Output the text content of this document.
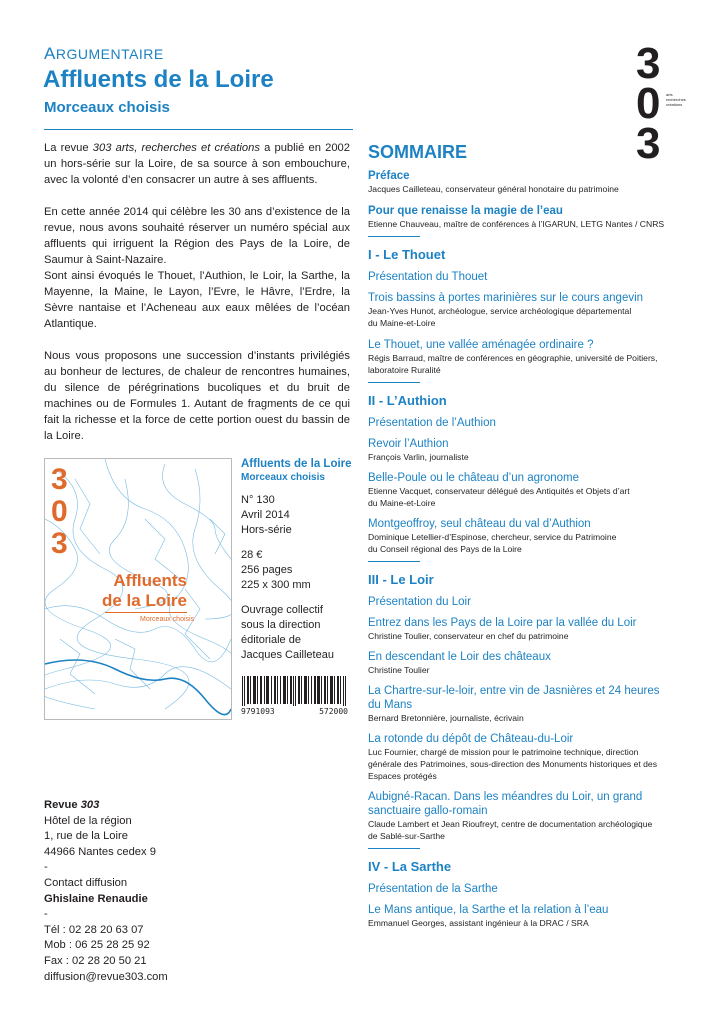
ARGUMENTAIRE
Affluents de la Loire
Morceaux choisis
3
0
3
arts
recherches
créations

La revue 303 arts, recherches et créations a publié en 2002 un hors-série sur la Loire, de sa source à son embouchure, avec la volonté d’en consacrer un autre à ses affluents.

En cette année 2014 qui célèbre les 30 ans d’existence de la revue, nous avons souhaité réserver un numéro spécial aux affluents qui irriguent la Région des Pays de la Loire, de Saumur à Saint-Nazaire.

Sont ainsi évoqués le Thouet, l’Authion, le Loir, la Sarthe, la Mayenne, la Maine, le Layon, l’Evre, le Hâvre, l’Erdre, la Sèvre nantaise et l’Acheneau aux eaux mêlées de l’océan Atlantique.

Nous vous proposons une succession d’instants privilégiés au bonheur de lectures, de chaleur de rencontres humaines, du silence de pérégrinations bucoliques et du bruit de machines ou de Formules 1. Autant de fragments de ce qui fait la richesse et la force de cette portion ouest du bassin de la Loire.

3
0
3
Affluents
de la Loire
Morceaux choisis
Affluents de la Loire
Morceaux choisis
N° 130
Avril 2014
Hors-série
28 €
256 pages
225 x 300 mm
Ouvrage collectif
sous la direction
éditoriale de
Jacques Cailleteau
9791093	572000
Revue 303
Hôtel de la région
1, rue de la Loire
44966 Nantes cedex 9
-
Contact diffusion
Ghislaine Renaudie
-
Tél : 02 28 20 63 07
Mob : 06 25 28 25 92
Fax : 02 28 20 50 21
diffusion@revue303.com
SOMMAIRE
Préface
Jacques Cailleteau, conservateur général honotaire du patrimoine
Pour que renaisse la magie de l’eau
Etienne Chauveau, maître de conférences à l’IGARUN, LETG Nantes / CNRS
I - Le Thouet
Présentation du Thouet
Trois bassins à portes marinières sur le cours angevin
Jean-Yves Hunot, archéologue, service archéologique départemental
du Maine-et-Loire
Le Thouet, une vallée aménagée ordinaire ?
Régis Barraud, maître de conférences en géographie, université de Poitiers,
laboratoire Ruralité
II - L’Authion
Présentation de l’Authion
Revoir l’Authion
François Varlin, journaliste
Belle-Poule ou le château d’un agronome
Etienne Vacquet, conservateur délégué des Antiquités et Objets d’art
du Maine-et-Loire
Montgeoffroy, seul château du val d’Authion
Dominique Letellier-d’Espinose, chercheur, service du Patrimoine
du Conseil régional des Pays de la Loire
III - Le Loir
Présentation du Loir
Entrez dans les Pays de la Loire par la vallée du Loir
Christine Toulier, conservateur en chef du patrimoine
En descendant le Loir des châteaux
Christine Toulier
La Chartre-sur-le-loir, entre vin de Jasnières et 24 heures
du Mans
Bernard Bretonnière, journaliste, écrivain
La rotonde du dépôt de Château-du-Loir
Luc Fournier, chargé de mission pour le patrimoine technique, direction
générale des Patrimoines, sous-direction des Monuments historiques et des
Espaces protégés
Aubigné-Racan. Dans les méandres du Loir, un grand
sanctuaire gallo-romain
Claude Lambert et Jean Rioufreyt, centre de documentation archéologique
de Sablé-sur-Sarthe
IV - La Sarthe
Présentation de la Sarthe
Le Mans antique, la Sarthe et la relation à l’eau
Emmanuel Georges, assistant ingénieur à la DRAC / SRA
